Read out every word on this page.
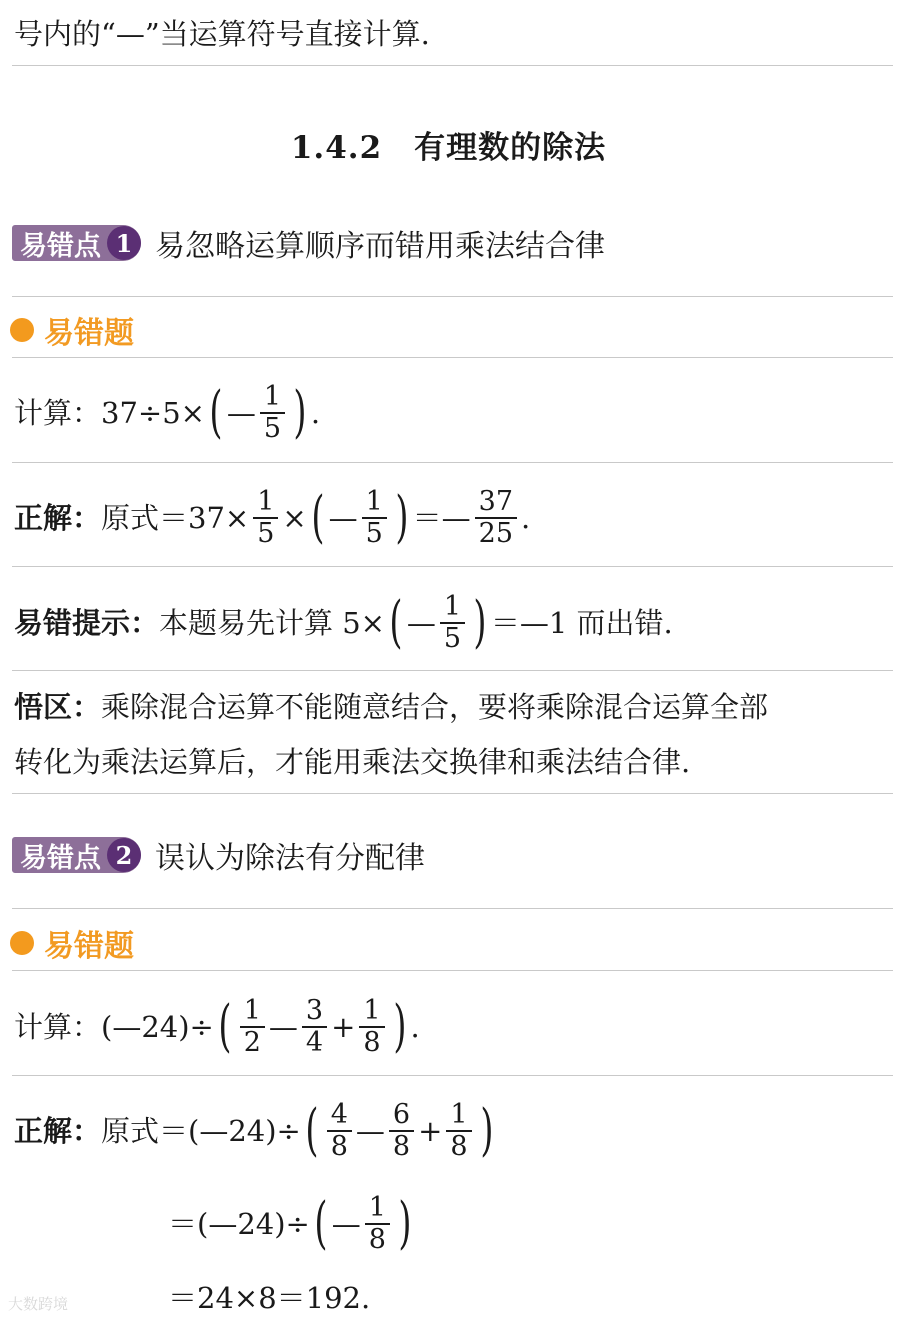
号内的“—”当运算符号直接计算.
1.4.2　有理数的除法
易错点 1 易忽略运算顺序而错用乘法结合律
易错题
计算：37÷5× ( — $\frac{1}{5}$ ) .
正解： 原式$=37\times \frac{1}{5}$ × ( — $\frac{1}{5}$ ) ＝— $\frac{37}{25}$ .
易错提示： 本题易先计算 5× ( — $\frac{1}{5}$ ) ＝—1 而出错.
悟区：乘除混合运算不能随意结合，要将乘除混合运算全部
转化为乘法运算后，才能用乘法交换律和乘法结合律.
易错点 2 误认为除法有分配律
易错题
计算：(—24)÷ ( $\frac{1}{2}$ — $\frac{3}{4} + \frac{1}{8}$ ) .
正解： 原式＝(—24)÷ ( $\frac{4}{8}$ — $\frac{6}{8} + \frac{1}{8}$ )
＝(—24)÷ ( — $\frac{1}{8}$ )
＝24×8＝192.
大数跨境
